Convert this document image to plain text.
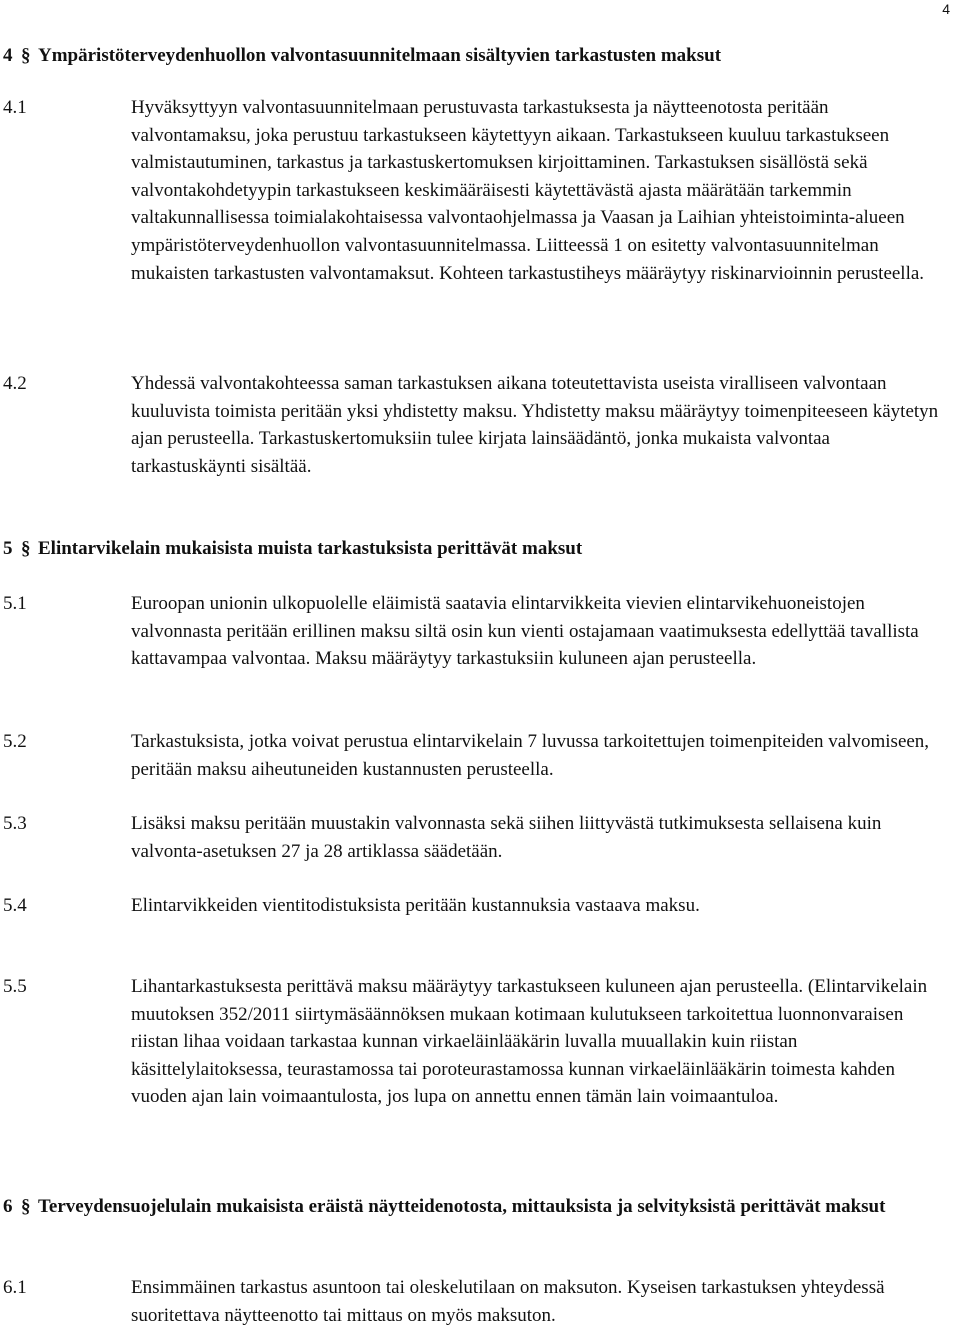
4
4 § Ympäristöterveydenhuollon valvontasuunnitelmaan sisältyvien tarkastusten maksut
4.1	Hyväksyttyyn valvontasuunnitelmaan perustuvasta tarkastuksesta ja näytteenotosta peritään valvontamaksu, joka perustuu tarkastukseen käytettyyn aikaan. Tarkastukseen kuuluu tarkastukseen valmistautuminen, tarkastus ja tarkastuskertomuksen kirjoittaminen. Tarkastuksen sisällöstä sekä valvontakohdetyypin tarkastukseen keskimääräisesti käytettävästä ajasta määrätään tarkemmin valtakunnallisessa toimialakohtaisessa valvontaohjelmassa ja Vaasan ja Laihian yhteistoiminta-alueen ympäristöterveydenhuollon valvontasuunnitelmassa. Liitteessä 1 on esitetty valvontasuunnitelman mukaisten tarkastusten valvontamaksut. Kohteen tarkastustiheys määräytyy riskinarvioinnin perusteella.
4.2	Yhdessä valvontakohteessa saman tarkastuksen aikana toteutettavista useista viralliseen valvontaan kuuluvista toimista peritään yksi yhdistetty maksu. Yhdistetty maksu määräytyy toimenpiteeseen käytetyn ajan perusteella. Tarkastuskertomuksiin tulee kirjata lainsäädäntö, jonka mukaista valvontaa tarkastuskäynti sisältää.
5 § Elintarvikelain mukaisista muista tarkastuksista perittävät maksut
5.1	Euroopan unionin ulkopuolelle eläimistä saatavia elintarvikkeita vievien elintarvikehuoneistojen valvonnasta peritään erillinen maksu siltä osin kun vienti ostajamaan vaatimuksesta edellyttää tavallista kattavampaa valvontaa. Maksu määräytyy tarkastuksiin kuluneen ajan perusteella.
5.2	Tarkastuksista, jotka voivat perustua elintarvikelain 7 luvussa tarkoitettujen toimenpiteiden valvomiseen, peritään maksu aiheutuneiden kustannusten perusteella.
5.3	Lisäksi maksu peritään muustakin valvonnasta sekä siihen liittyvästä tutkimuksesta sellaisena kuin valvonta-asetuksen 27 ja 28 artiklassa säädetään.
5.4	Elintarvikkeiden vientitodistuksista peritään kustannuksia vastaava maksu.
5.5	Lihantarkastuksesta perittävä maksu määräytyy tarkastukseen kuluneen ajan perusteella. (Elintarvikelain muutoksen 352/2011 siirtymäsäännöksen mukaan kotimaan kulutukseen tarkoitettua luonnonvaraisen riistan lihaa voidaan tarkastaa kunnan virkaeläinlääkärin luvalla muuallakin kuin riistan käsittelylaitoksessa, teurastamossa tai poroteurastamossa kunnan virkaeläinlääkärin toimesta kahden vuoden ajan lain voimaantulosta, jos lupa on annettu ennen tämän lain voimaantuloa.
6 § Terveydensuojelulain mukaisista eräistä näytteidenotosta, mittauksista ja selvityksistä perittävät maksut
6.1	Ensimmäinen tarkastus asuntoon tai oleskelutilaan on maksuton. Kyseisen tarkastuksen yhteydessä suoritettava näytteenotto tai mittaus on myös maksuton.
